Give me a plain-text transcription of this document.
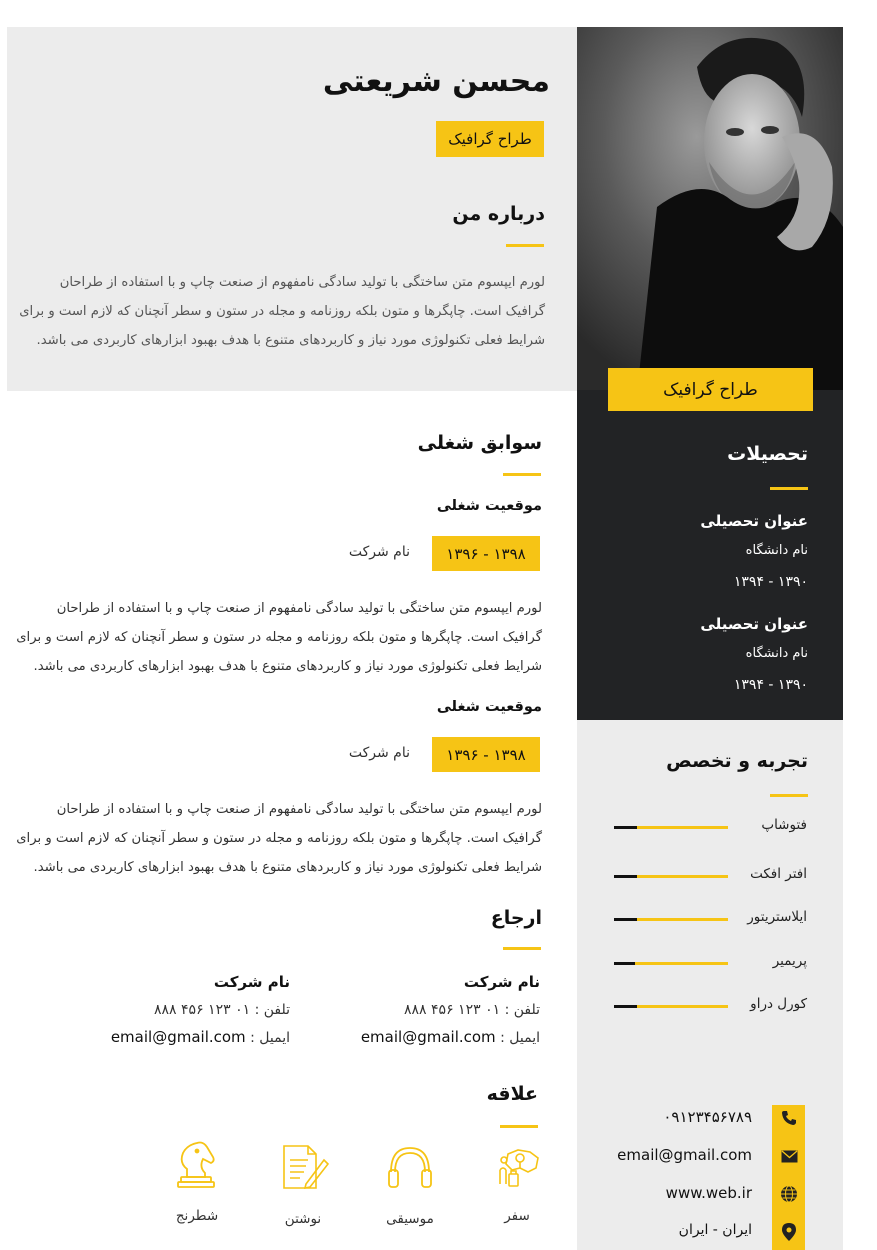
محسن شریعتی
طراح گرافیک
درباره من
لورم ایپسوم متن ساختگی با تولید سادگی نامفهوم از صنعت چاپ و با استفاده از طراحان
گرافیک است. چاپگرها و متون بلکه روزنامه و مجله در ستون و سطر آنچنان که لازم است و برای
شرایط فعلی تکنولوژی مورد نیاز و کاربردهای متنوع با هدف بهبود ابزارهای کاربردی می باشد.
طراح گرافیک
تحصیلات
عنوان تحصیلی
نام دانشگاه
۱۳۹۰ - ۱۳۹۴
عنوان تحصیلی
نام دانشگاه
۱۳۹۰ - ۱۳۹۴
تجربه و تخصص
فتوشاپ
افتر افکت
ایلاستریتور
پریمیر
کورل دراو
۰۹۱۲۳۴۵۶۷۸۹
email@gmail.com
www.web.ir
ایران - ایران
سوابق شغلی
موقعیت شغلی
۱۳۹۸ - ۱۳۹۶
نام شرکت
لورم ایپسوم متن ساختگی با تولید سادگی نامفهوم از صنعت چاپ و با استفاده از طراحان
گرافیک است. چاپگرها و متون بلکه روزنامه و مجله در ستون و سطر آنچنان که لازم است و برای
شرایط فعلی تکنولوژی مورد نیاز و کاربردهای متنوع با هدف بهبود ابزارهای کاربردی می باشد.
موقعیت شغلی
۱۳۹۸ - ۱۳۹۶
نام شرکت
لورم ایپسوم متن ساختگی با تولید سادگی نامفهوم از صنعت چاپ و با استفاده از طراحان
گرافیک است. چاپگرها و متون بلکه روزنامه و مجله در ستون و سطر آنچنان که لازم است و برای
شرایط فعلی تکنولوژی مورد نیاز و کاربردهای متنوع با هدف بهبود ابزارهای کاربردی می باشد.
ارجاع
نام شرکت
تلفن : ۰۱ ۱۲۳ ۴۵۶ ۸۸۸
ایمیل : email@gmail.com
نام شرکت
تلفن : ۰۱ ۱۲۳ ۴۵۶ ۸۸۸
ایمیل : email@gmail.com
علاقه
سفر
موسیقی
نوشتن
شطرنج
